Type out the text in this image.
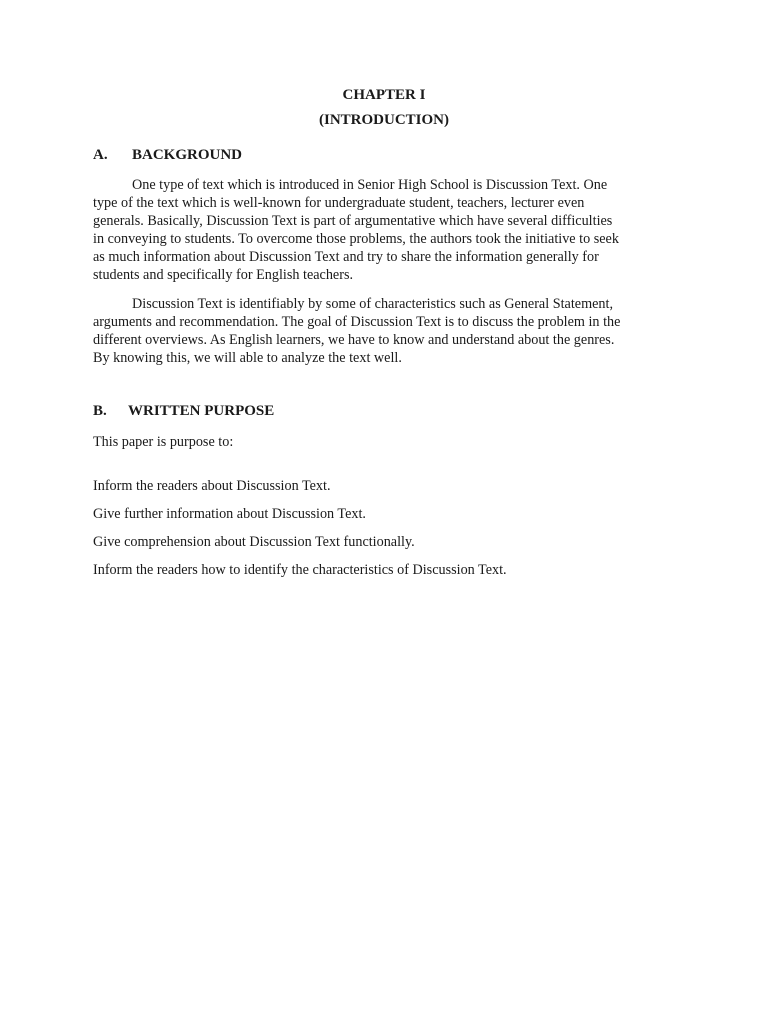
CHAPTER I
(INTRODUCTION)
A. BACKGROUND
One type of text which is introduced in Senior High School is Discussion Text. One
type of the text which is well-known for undergraduate student, teachers, lecturer even
generals. Basically, Discussion Text is part of argumentative which have several difficulties
in conveying to students. To overcome those problems, the authors took the initiative to seek
as much information about Discussion Text and try to share the information generally for
students and specifically for English teachers.
Discussion Text is identifiably by some of characteristics such as General Statement,
arguments and recommendation. The goal of Discussion Text is to discuss the problem in the
different overviews. As English learners, we have to know and understand about the genres.
By knowing this, we will able to analyze the text well.
B. WRITTEN PURPOSE
This paper is purpose to:
Inform the readers about Discussion Text.
Give further information about Discussion Text.
Give comprehension about Discussion Text functionally.
Inform the readers how to identify the characteristics of Discussion Text.
